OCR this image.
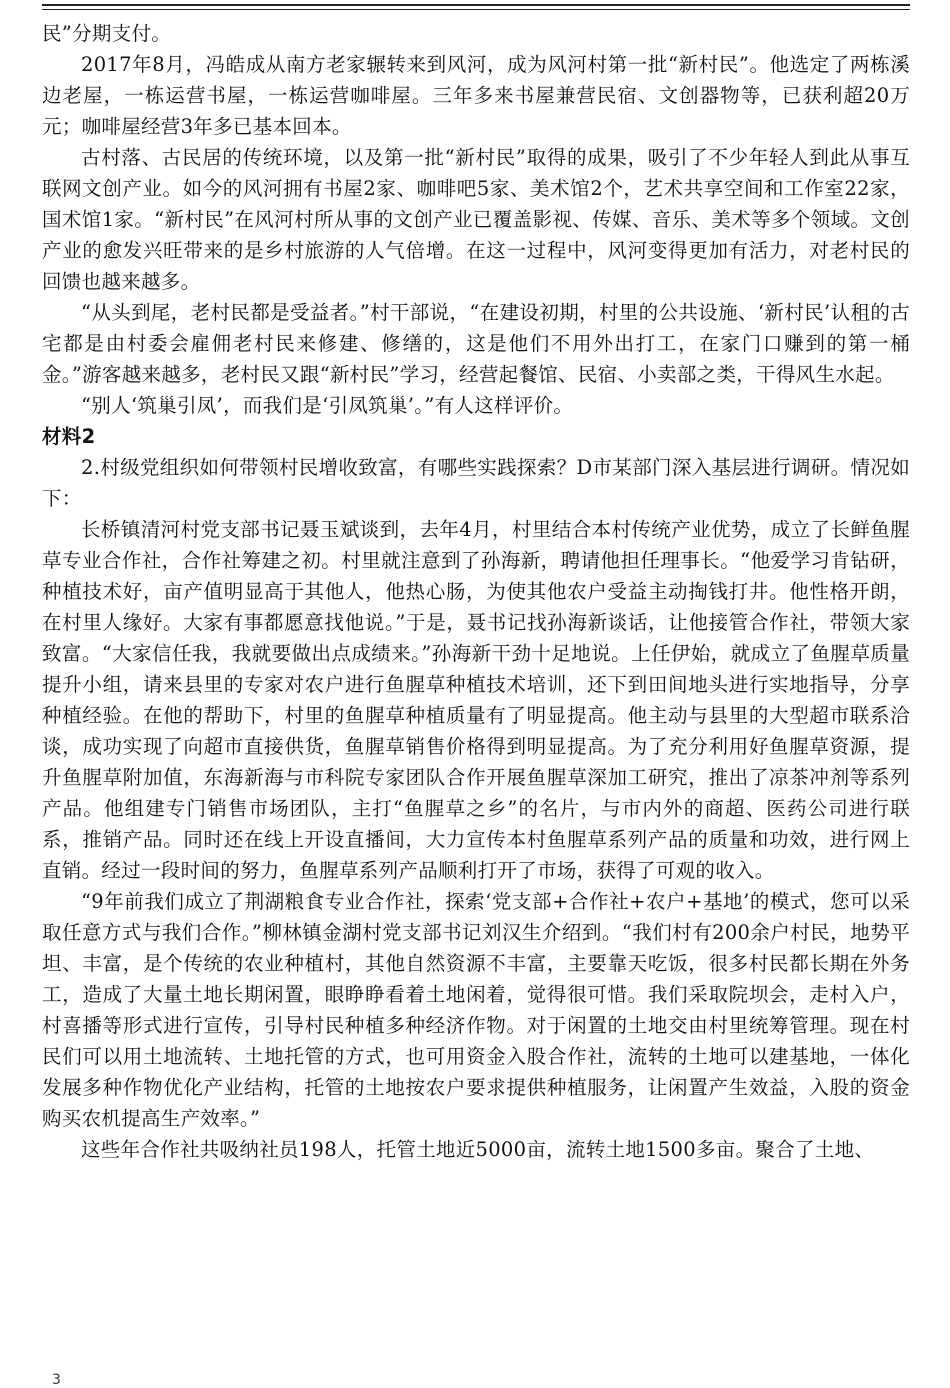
民”分期支付。

2017年8月，冯皓成从南方老家辗转来到风河，成为风河村第一批“新村民”。他选定了两栋溪边老屋，一栋运营书屋，一栋运营咖啡屋。三年多来书屋兼营民宿、文创器物等，已获利超20万元；咖啡屋经营3年多已基本回本。

古村落、古民居的传统环境，以及第一批“新村民”取得的成果，吸引了不少年轻人到此从事互联网文创产业。如今的风河拥有书屋2家、咖啡吧5家、美术馆2个，艺术共享空间和工作室22家，国术馆1家。“新村民”在风河村所从事的文创产业已覆盖影视、传媒、音乐、美术等多个领域。文创产业的愈发兴旺带来的是乡村旅游的人气倍增。在这一过程中，风河变得更加有活力，对老村民的回馈也越来越多。

“从头到尾，老村民都是受益者。”村干部说，“在建设初期，村里的公共设施、‘新村民’认租的古宅都是由村委会雇佣老村民来修建、修缮的，这是他们不用外出打工，在家门口赚到的第一桶金。”游客越来越多，老村民又跟“新村民”学习，经营起餐馆、民宿、小卖部之类，干得风生水起。

“别人‘筑巢引凤’，而我们是‘引凤筑巢’。”有人这样评价。

材料2

2.村级党组织如何带领村民增收致富，有哪些实践探索？D市某部门深入基层进行调研。情况如下：

长桥镇清河村党支部书记聂玉斌谈到，去年4月，村里结合本村传统产业优势，成立了长鲜鱼腥草专业合作社，合作社筹建之初。村里就注意到了孙海新，聘请他担任理事长。“他爱学习肯钻研，种植技术好，亩产值明显高于其他人，他热心肠，为使其他农户受益主动掏钱打井。他性格开朗，在村里人缘好。大家有事都愿意找他说。”于是，聂书记找孙海新谈话，让他接管合作社，带领大家致富。“大家信任我，我就要做出点成绩来。”孙海新干劲十足地说。上任伊始，就成立了鱼腥草质量提升小组，请来县里的专家对农户进行鱼腥草种植技术培训，还下到田间地头进行实地指导，分享种植经验。在他的帮助下，村里的鱼腥草种植质量有了明显提高。他主动与县里的大型超市联系洽谈，成功实现了向超市直接供货，鱼腥草销售价格得到明显提高。为了充分利用好鱼腥草资源，提升鱼腥草附加值，东海新海与市科院专家团队合作开展鱼腥草深加工研究，推出了凉茶冲剂等系列产品。他组建专门销售市场团队，主打“鱼腥草之乡”的名片，与市内外的商超、医药公司进行联系，推销产品。同时还在线上开设直播间，大力宣传本村鱼腥草系列产品的质量和功效，进行网上直销。经过一段时间的努力，鱼腥草系列产品顺利打开了市场，获得了可观的收入。

“9年前我们成立了荆湖粮食专业合作社，探索‘党支部+合作社+农户+基地’的模式，您可以采取任意方式与我们合作。”柳林镇金湖村党支部书记刘汉生介绍到。“我们村有200余户村民，地势平坦、丰富，是个传统的农业种植村，其他自然资源不丰富，主要靠天吃饭，很多村民都长期在外务工，造成了大量土地长期闲置，眼睁睁看着土地闲着，觉得很可惜。我们采取院坝会，走村入户，村喜播等形式进行宣传，引导村民种植多种经济作物。对于闲置的土地交由村里统筹管理。现在村民们可以用土地流转、土地托管的方式，也可用资金入股合作社，流转的土地可以建基地，一体化发展多种作物优化产业结构，托管的土地按农户要求提供种植服务，让闲置产生效益，入股的资金购买农机提高生产效率。”

这些年合作社共吸纳社员198人，托管土地近5000亩，流转土地1500多亩。聚合了土地、

3
